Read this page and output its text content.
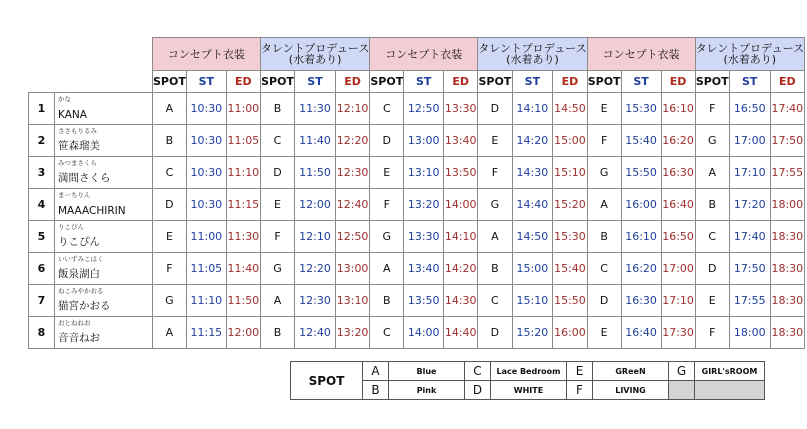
		コンセプト衣装			タレントプロデュース
(水着あり)			コンセプト衣装			タレントプロデュース
(水着あり)			コンセプト衣装			タレントプロデュース
(水着あり)		
		SPOT	ST	ED	SPOT	ST	ED	SPOT	ST	ED	SPOT	ST	ED	SPOT	ST	ED	SPOT	ST	ED
1	かな
KANA	A	10:30	11:00	B	11:30	12:10	C	12:50	13:30	D	14:10	14:50	E	15:30	16:10	F	16:50	17:40
2	ささもりるみ
笹森瑠美	B	10:30	11:05	C	11:40	12:20	D	13:00	13:40	E	14:20	15:00	F	15:40	16:20	G	17:00	17:50
3	みつまさくら
満間さくら	C	10:30	11:10	D	11:50	12:30	E	13:10	13:50	F	14:30	15:10	G	15:50	16:30	A	17:10	17:55
4	まーちりん
MAAACHIRIN	D	10:30	11:15	E	12:00	12:40	F	13:20	14:00	G	14:40	15:20	A	16:00	16:40	B	17:20	18:00
5	りこぴん
りこぴん	E	11:00	11:30	F	12:10	12:50	G	13:30	14:10	A	14:50	15:30	B	16:10	16:50	C	17:40	18:30
6	いいずみこはく
飯泉湖白	F	11:05	11:40	G	12:20	13:00	A	13:40	14:20	B	15:00	15:40	C	16:20	17:00	D	17:50	18:30
7	ねこみやかおる
猫宮かおる	G	11:10	11:50	A	12:30	13:10	B	13:50	14:30	C	15:10	15:50	D	16:30	17:10	E	17:55	18:30
8	おとねねお
音音ねお	A	11:15	12:00	B	12:40	13:20	C	14:00	14:40	D	15:20	16:00	E	16:40	17:30	F	18:00	18:30
SPOT	A	Blue	C	Lace Bedroom	E	GReeN	G	GIRL'sROOM
	B	Pink	D	WHITE	F	LIVING		
